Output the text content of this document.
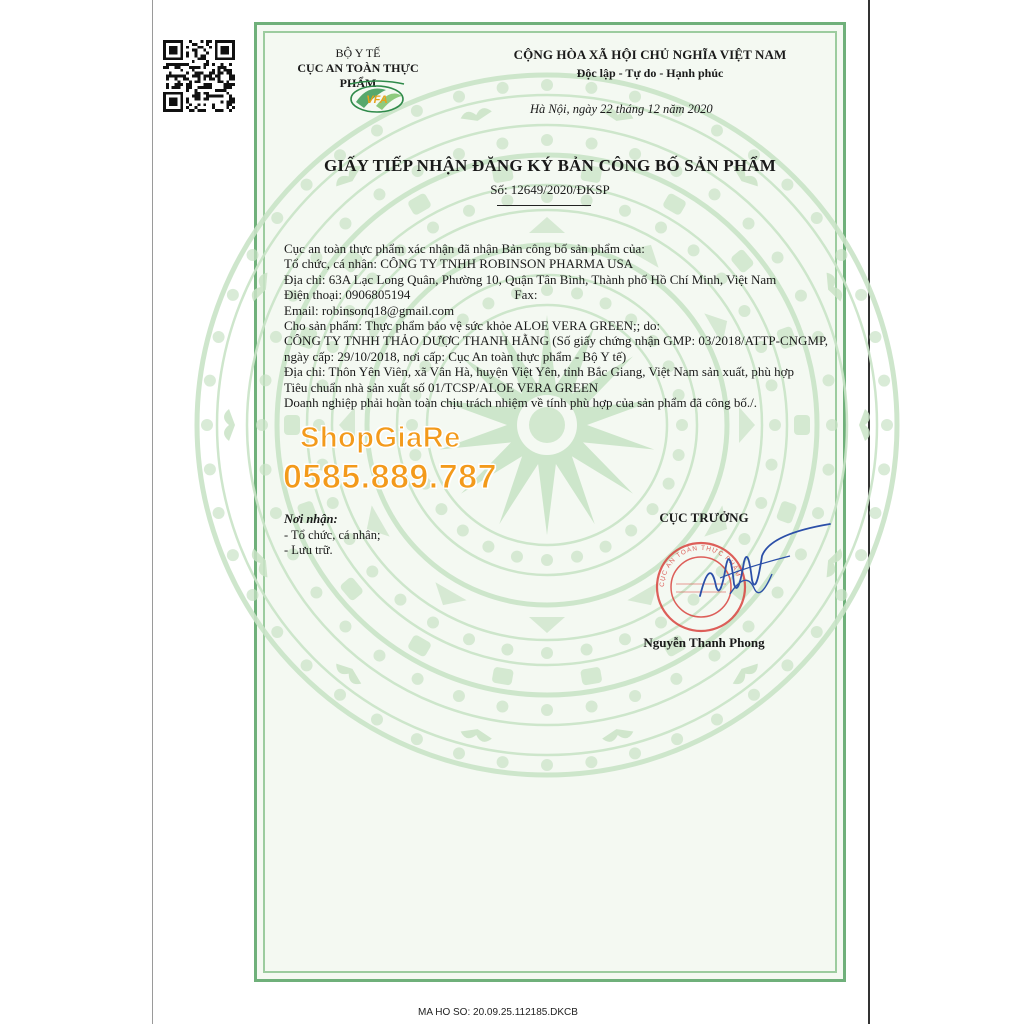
BỘ Y TẾ
CỤC AN TOÀN THỰC PHẨM
VFA
CỘNG HÒA XÃ HỘI CHỦ NGHĨA VIỆT NAM
Độc lập - Tự do - Hạnh phúc
Hà Nội, ngày 22 tháng 12 năm 2020
GIẤY TIẾP NHẬN ĐĂNG KÝ BẢN CÔNG BỐ SẢN PHẨM
Số: 12649/2020/ĐKSP

Cục an toàn thực phẩm xác nhận đã nhận Bản công bố sản phẩm của:

Tổ chức, cá nhân: CÔNG TY TNHH ROBINSON PHARMA USA

Địa chỉ: 63A Lạc Long Quân, Phường 10, Quận Tân Bình, Thành phố Hồ Chí Minh, Việt Nam

Điện thoại: 0906805194	Fax:

Email: robinsonq18@gmail.com

Cho sản phẩm: Thực phẩm bảo vệ sức khỏe ALOE VERA GREEN;; do:

CÔNG TY TNHH THẢO DƯỢC THANH HẰNG (Số giấy chứng nhận GMP: 03/2018/ATTP-CNGMP, ngày cấp: 29/10/2018, nơi cấp: Cục An toàn thực phẩm - Bộ Y tế)

Địa chỉ: Thôn Yên Viên, xã Vân Hà, huyện Việt Yên, tỉnh Bắc Giang, Việt Nam sản xuất, phù hợp

Tiêu chuẩn nhà sản xuất số 01/TCSP/ALOE VERA GREEN

Doanh nghiệp phải hoàn toàn chịu trách nhiệm về tính phù hợp của sản phẩm đã công bố./.

Nơi nhận:
- Tổ chức, cá nhân;
- Lưu trữ.
CỤC TRƯỞNG
CỤC AN TOÀN THỰC PHẨM
Nguyễn Thanh Phong
ShopGiaRe
0585.889.787
MA HO SO: 20.09.25.112185.DKCB
